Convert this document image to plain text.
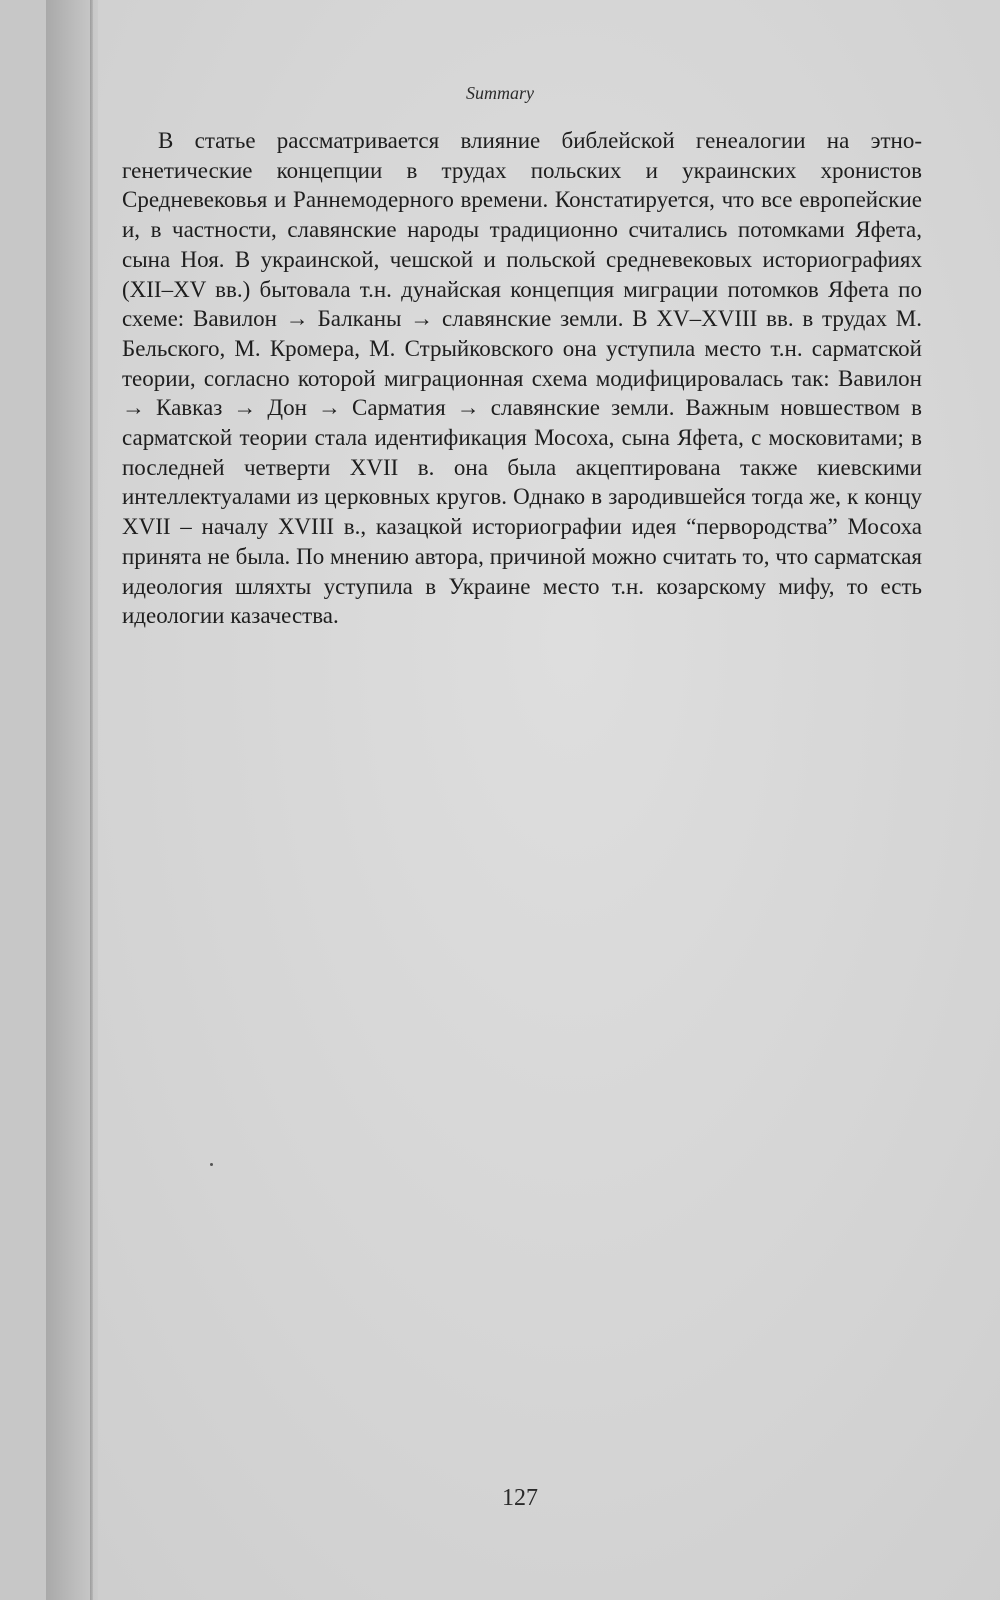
Summary

В статье рассматривается влияние библейской генеалогии на этногенетические концепции в трудах польских и украинских хронистов Средневековья и Раннемодерного времени. Констатируется, что все европейские и, в частности, славянские народы традиционно считались потомками Яфета, сына Ноя. В украинской, чешской и польской средневековых историографиях (XII–XV вв.) бытовала т.н. дунайская концепция миграции потомков Яфета по схеме: Вавилон → Балканы → славянские земли. В XV–XVIII вв. в трудах М. Бельского, М. Кромера, М. Стрыйковского она уступила место т.н. сарматской теории, согласно которой миграционная схема модифицировалась так: Вавилон → Кавказ → Дон → Сарматия → славянские земли. Важным новшеством в сарматской теории стала идентификация Мосоха, сына Яфета, с московитами; в последней четверти XVII в. она была акцептирована также киевскими интеллектуалами из церковных кругов. Однако в зародившейся тогда же, к концу XVII – началу XVIII в., казацкой историографии идея “первородства” Мосоха принята не была. По мнению автора, причиной можно считать то, что сарматская идеология шляхты уступила в Украине место т.н. козарскому мифу, то есть идеологии казачества.

127
